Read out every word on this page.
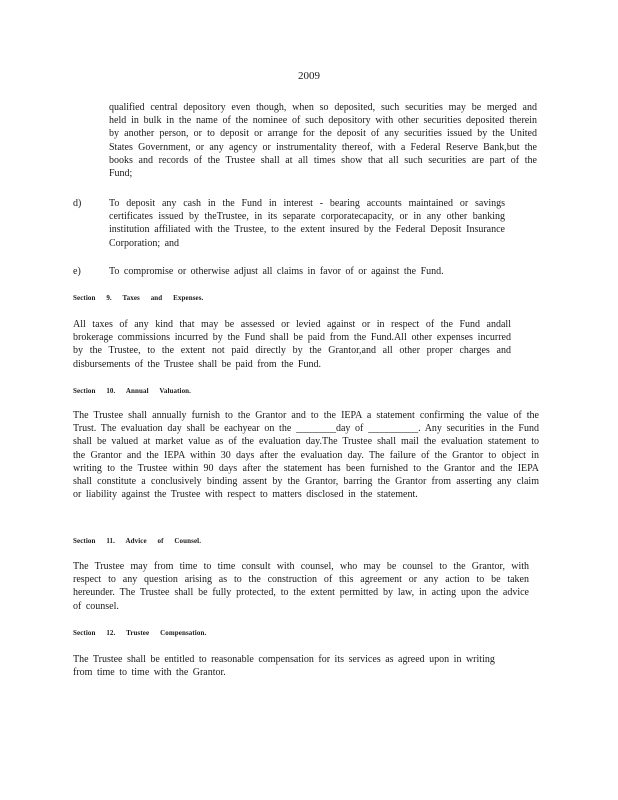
2009
qualified central depository even though, when so deposited, such securities may be merged and held in bulk in the name of the nominee of such depository with other securities deposited therein by another person, or to deposit or arrange for the deposit of any securities issued by the United States Government, or any agency or instrumentality thereof, with a Federal Reserve Bank,but the books and records of the Trustee shall at all times show that all such securities are part of the Fund;
d)	To deposit any cash in the Fund in interest - bearing accounts maintained or savings certificates issued by theTrustee, in its separate corporatecapacity, or in any other banking institution affiliated with the Trustee, to the extent insured by the Federal Deposit Insurance Corporation; and
e)	To compromise or otherwise adjust all claims in favor of or against the Fund.
Section 9. Taxes and Expenses.
All taxes of any kind that may be assessed or levied against or in respect of the Fund andall brokerage commissions incurred by the Fund shall be paid from the Fund.All other expenses incurred by the Trustee, to the extent not paid directly by the Grantor,and all other proper charges and disbursements of the Trustee shall be paid from the Fund.
Section 10. Annual Valuation.
The Trustee shall annually furnish to the Grantor and to the IEPA a statement confirming the value of the Trust. The evaluation day shall be eachyear on the ________day of __________. Any securities in the Fund shall be valued at market value as of the evaluation day.The Trustee shall mail the evaluation statement to the Grantor and the IEPA within 30 days after the evaluation day. The failure of the Grantor to object in writing to the Trustee within 90 days after the statement has been furnished to the Grantor and the IEPA shall constitute a conclusively binding assent by the Grantor, barring the Grantor from asserting any claim or liability against the Trustee with respect to matters disclosed in the statement.
Section 11. Advice of Counsel.
The Trustee may from time to time consult with counsel, who may be counsel to the Grantor, with respect to any question arising as to the construction of this agreement or any action to be taken hereunder. The Trustee shall be fully protected, to the extent permitted by law, in acting upon the advice of counsel.
Section 12. Trustee Compensation.
The Trustee shall be entitled to reasonable compensation for its services as agreed upon in writing from time to time with the Grantor.
